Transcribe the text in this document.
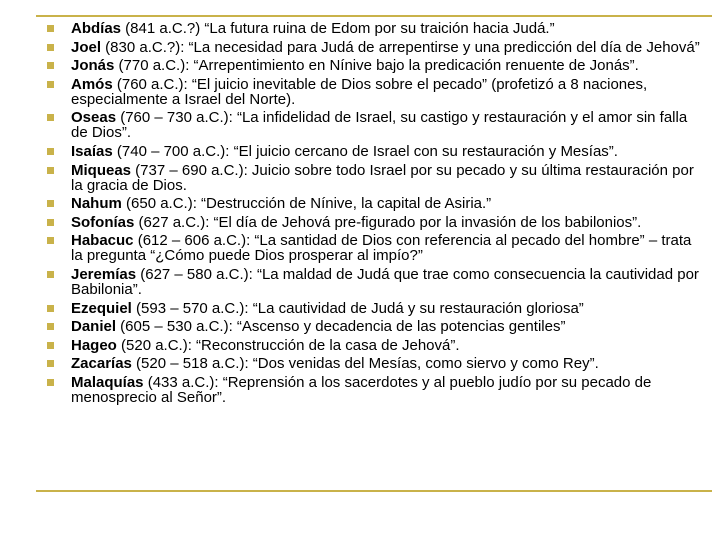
Abdías (841 a.C.?) “La futura ruina de Edom por su traición hacia Judá.”
Joel (830 a.C.?): “La necesidad para Judá de arrepentirse y una predicción del día de Jehová”
Jonás (770 a.C.): “Arrepentimiento en Nínive bajo la predicación renuente de Jonás”.
Amós (760 a.C.): “El juicio inevitable de Dios sobre el pecado” (profetizó a 8 naciones, especialmente a Israel del Norte).
Oseas (760 – 730 a.C.): “La infidelidad de Israel, su castigo y restauración y el amor sin falla de Dios”.
Isaías (740 – 700 a.C.): “El juicio cercano de Israel con su restauración y Mesías”.
Miqueas (737 – 690 a.C.): Juicio sobre todo Israel por su pecado y su última restauración por la gracia de Dios.
Nahum (650 a.C.): “Destrucción de Nínive, la capital de Asiria.”
Sofonías (627 a.C.): “El día de Jehová pre-figurado por la invasión de los babilonios”.
Habacuc (612 – 606 a.C.): “La santidad de Dios con referencia al pecado del hombre” – trata la pregunta “¿Cómo puede Dios prosperar al impío?”
Jeremías (627 – 580 a.C.): “La maldad de Judá que trae como consecuencia la cautividad por Babilonia”.
Ezequiel (593 – 570 a.C.): “La cautividad de Judá y su restauración gloriosa”
Daniel (605 – 530 a.C.): “Ascenso y decadencia de las potencias gentiles”
Hageo (520 a.C.): “Reconstrucción de la casa de Jehová”.
Zacarías (520 – 518 a.C.): “Dos venidas del Mesías, como siervo y como Rey”.
Malaquías (433 a.C.): “Reprensión a los sacerdotes y al pueblo judío por su pecado de menosprecio al Señor”.
